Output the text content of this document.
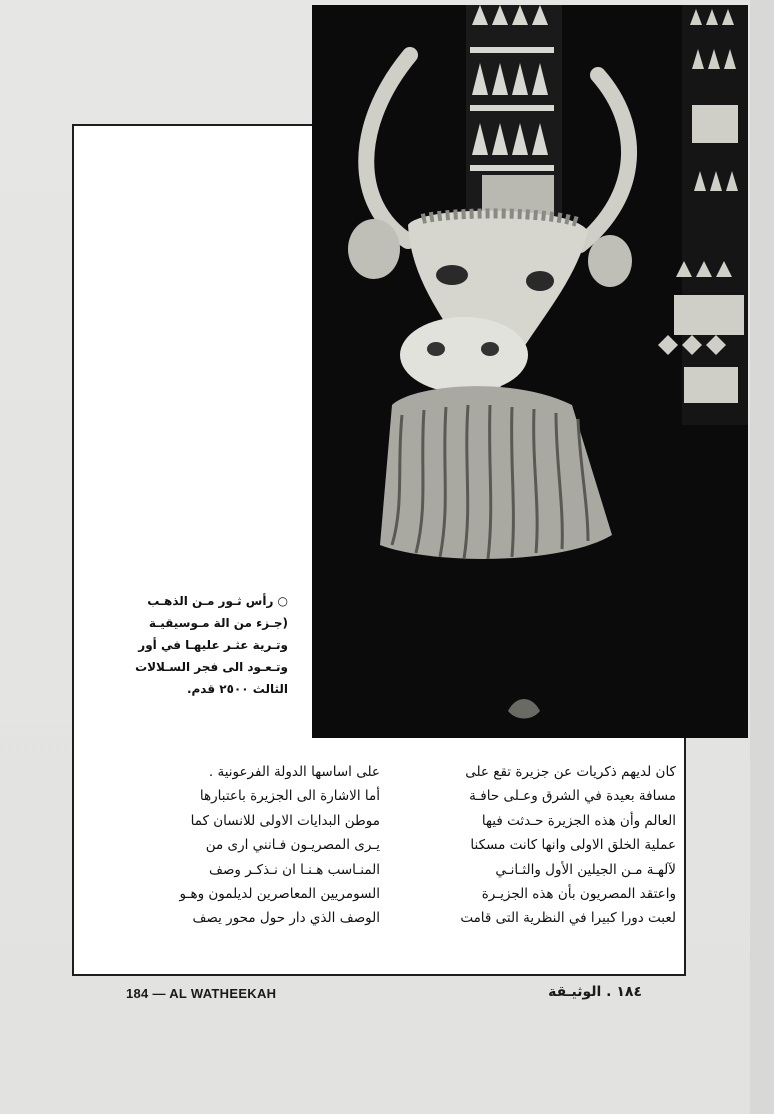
○ رأس ثـور مـن الذهـب
(جـزء من الة مـوسيقيـة
وتـرية عثـر عليهـا في أور
وتـعـود الى فجر السـلالات
الثالث ٢٥٠٠ قدم.
كان لديهم ذكريات عن جزيرة تقع على
مسافة بعيدة في الشرق وعـلى حافـة
العالم وأن هذه الجزيرة حـدثت فيها
عملية الخلق الاولى وانها كانت مسكنا
لآلهـة مـن الجيلين الأول والثـانـي
واعتقد المصريون بأن هذه الجزيـرة
لعبت دورا كبيرا في النظرية التى قامت
على اساسها الدولة الفرعونية .
أما الاشارة الى الجزيرة باعتبارها
موطن البدايات الاولى للانسان كما
يـرى المصريـون فـانني ارى من
المنـاسب هـنـا ان نـذكـر وصف
السومريين المعاصرين لديلمون وهـو
الوصف الذي دار حول محور يصف
184 — AL WATHEEKAH	١٨٤ . الوثيـقة
